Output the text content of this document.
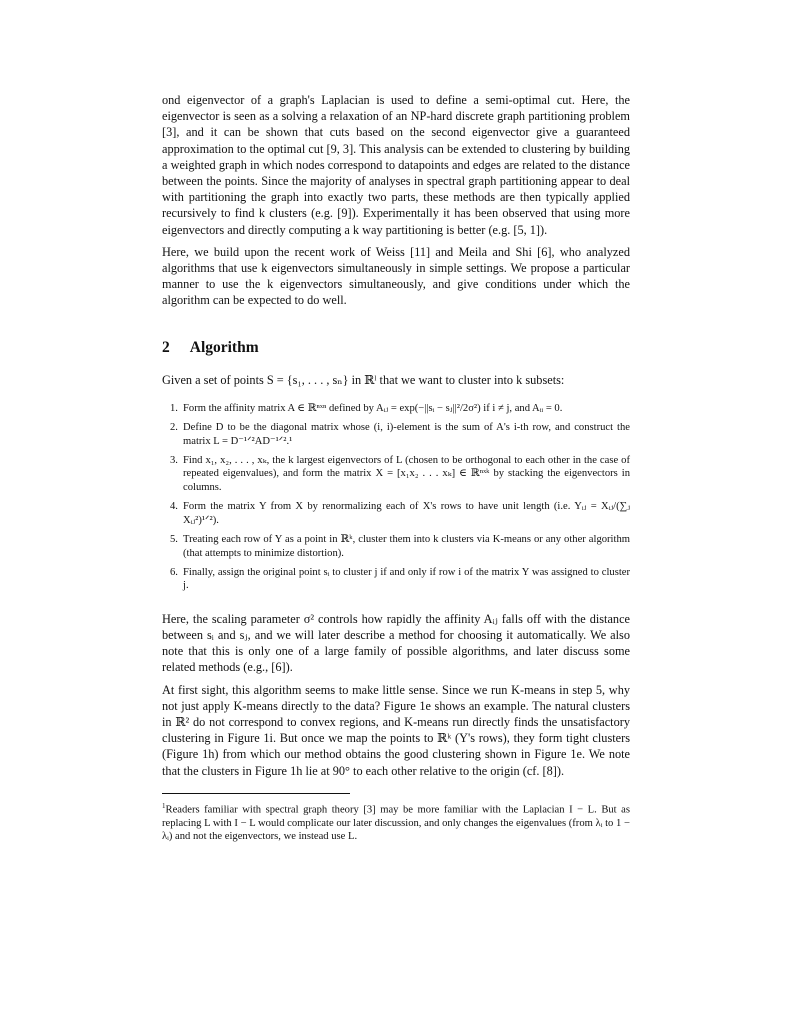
ond eigenvector of a graph's Laplacian is used to define a semi-optimal cut. Here, the eigenvector is seen as a solving a relaxation of an NP-hard discrete graph partitioning problem [3], and it can be shown that cuts based on the second eigenvector give a guaranteed approximation to the optimal cut [9, 3]. This analysis can be extended to clustering by building a weighted graph in which nodes correspond to datapoints and edges are related to the distance between the points. Since the majority of analyses in spectral graph partitioning appear to deal with partitioning the graph into exactly two parts, these methods are then typically applied recursively to find k clusters (e.g. [9]). Experimentally it has been observed that using more eigenvectors and directly computing a k way partitioning is better (e.g. [5, 1]).

Here, we build upon the recent work of Weiss [11] and Meila and Shi [6], who analyzed algorithms that use k eigenvectors simultaneously in simple settings. We propose a particular manner to use the k eigenvectors simultaneously, and give conditions under which the algorithm can be expected to do well.

2 Algorithm

Given a set of points S = {s₁, . . . , sₙ} in ℝˡ that we want to cluster into k subsets:

1. Form the affinity matrix A ∈ ℝⁿˣⁿ defined by Aᵢⱼ = exp(−||sᵢ − sⱼ||²/2σ²) if i ≠ j, and Aᵢᵢ = 0.
2. Define D to be the diagonal matrix whose (i, i)-element is the sum of A's i-th row, and construct the matrix L = D⁻¹ᐟ²AD⁻¹ᐟ².¹
3. Find x₁, x₂, . . . , xₖ, the k largest eigenvectors of L (chosen to be orthogonal to each other in the case of repeated eigenvalues), and form the matrix X = [x₁x₂ . . . xₖ] ∈ ℝⁿˣᵏ by stacking the eigenvectors in columns.
4. Form the matrix Y from X by renormalizing each of X's rows to have unit length (i.e. Yᵢⱼ = Xᵢⱼ/(∑ⱼ Xᵢⱼ²)¹ᐟ²).
5. Treating each row of Y as a point in ℝᵏ, cluster them into k clusters via K-means or any other algorithm (that attempts to minimize distortion).
6. Finally, assign the original point sᵢ to cluster j if and only if row i of the matrix Y was assigned to cluster j.

Here, the scaling parameter σ² controls how rapidly the affinity Aᵢⱼ falls off with the distance between sᵢ and sⱼ, and we will later describe a method for choosing it automatically. We also note that this is only one of a large family of possible algorithms, and later discuss some related methods (e.g., [6]).

At first sight, this algorithm seems to make little sense. Since we run K-means in step 5, why not just apply K-means directly to the data? Figure 1e shows an example. The natural clusters in ℝ² do not correspond to convex regions, and K-means run directly finds the unsatisfactory clustering in Figure 1i. But once we map the points to ℝᵏ (Y's rows), they form tight clusters (Figure 1h) from which our method obtains the good clustering shown in Figure 1e. We note that the clusters in Figure 1h lie at 90° to each other relative to the origin (cf. [8]).

$^1$Readers familiar with spectral graph theory [3] may be more familiar with the Laplacian I − L. But as replacing L with I − L would complicate our later discussion, and only changes the eigenvalues (from λᵢ to 1 − λᵢ) and not the eigenvectors, we instead use L.
